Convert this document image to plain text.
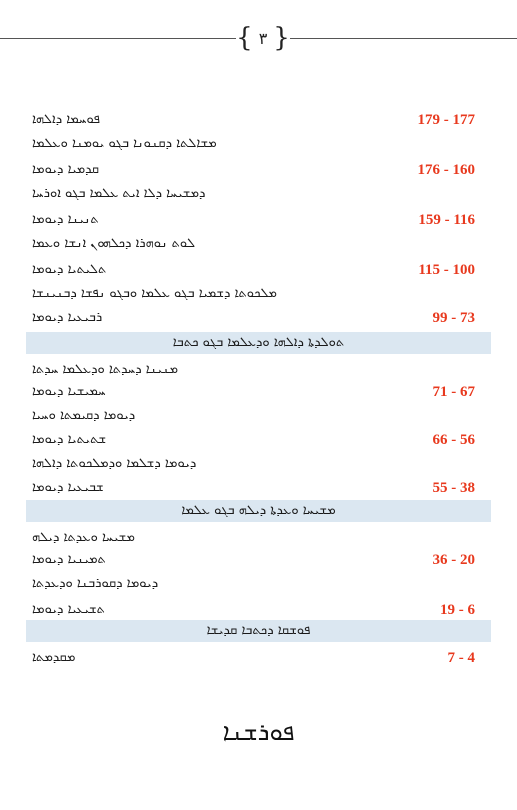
{ ٣ }
ܦܘܚܡܐ ܕܐܠܗܐ	179 - 177
ܡܫܐܠܬܐ ܕܩܢܘܢܐ ܒܓܘ ܝܘܡܢܐ ܘܥܠܡܐ
ܩܕܡܝܐ ܕܝܘܡܐ	176 - 160
ܕܡܫܝܚܐ ܕܠܐ ܐܝܬ ܥܠܡܐ ܒܓܘ ܐܘܪܚܐ
ܬܢܝܢܐ ܕܝܘܡܐ	159 - 116
ܠܘܬ ܢܘܗܪܐ ܕܟܠܗܘܢ ܐܢܫܐ ܘܥܡܐ
ܬܠܝܬܝܐ ܕܝܘܡܐ	115 - 100
ܡܠܟܘܬܐ ܕܫܡܝܐ ܒܓܘ ܥܠܡܐ ܘܒܓܘ ܢܦܫܐ ܕܒܢܝܢܫܐ
ܪܒܝܥܝܐ ܕܝܘܡܐ	99 - 73
ܬܘܠܕܬܐ ܕܐܠܗܐ ܘܕܥܠܡܐ ܒܓܘ ܟܬܒܐ
ܡܢܝܢܐ ܕܚܕܬܐ ܘܕܥܠܡܐ ܚܕܬܐ
ܚܡܝܫܝܐ ܕܝܘܡܐ	71 - 67
ܕܝܘܡܐ ܕܩܝܡܬܐ ܘܚܝܐ
ܫܬܝܬܝܐ ܕܝܘܡܐ	66 - 56
ܕܝܘܡܐ ܕܫܠܡܐ ܘܕܡܠܟܘܬܐ ܕܐܠܗܐ
ܫܒܝܥܝܐ ܕܝܘܡܐ	55 - 38
ܡܫܝܚܐ ܘܥܕܬܐ ܕܝܠܗ ܒܓܘ ܥܠܡܐ
ܡܫܝܚܐ ܘܥܕܬܐ ܕܝܠܗ
ܬܡܝܢܝܐ ܕܝܘܡܐ	36 - 20
ܕܝܘܡܐ ܕܩܘܪܒܢܐ ܘܕܥܕܬܐ
ܬܫܝܥܝܐ ܕܝܘܡܐ	19 - 6
ܦܘܫܩܐ ܕܟܬܒܐ ܩܕܝܫܐ
ܡܩܕܡܬܐ	7 - 4
ܦܘܪܫܢܐ
